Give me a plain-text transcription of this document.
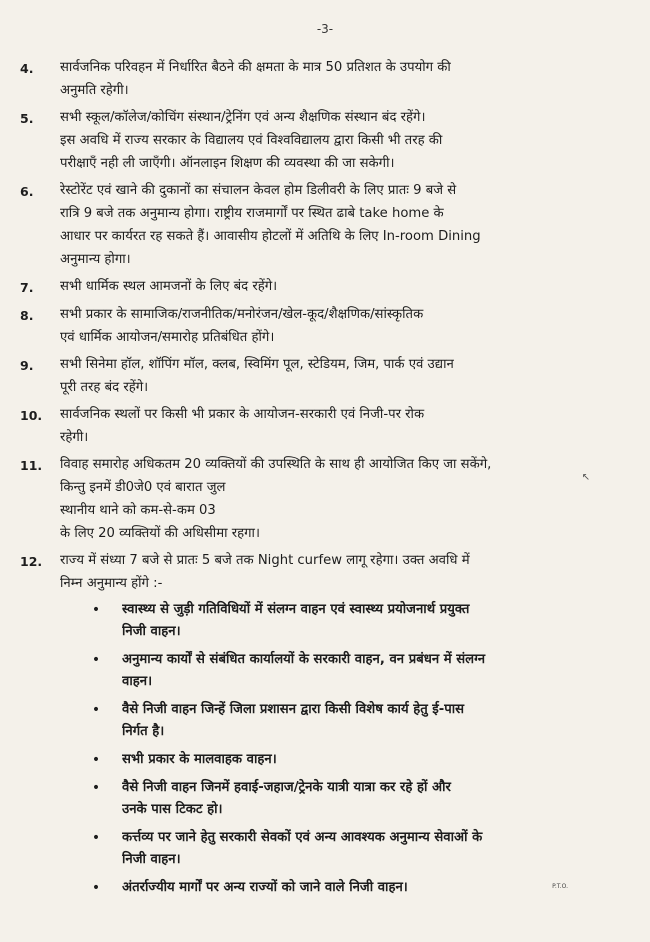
-3-
↖
4.	सार्वजनिक परिवहन में निर्धारित बैठने की क्षमता के मात्र 50 प्रतिशत के उपयोग की
अनुमति रहेगी।
5.	सभी स्कूल/कॉलेज/कोचिंग संस्थान/ट्रेनिंग एवं अन्य शैक्षणिक संस्थान बंद रहेंगे।
इस अवधि में राज्य सरकार के विद्यालय एवं विश्वविद्यालय द्वारा किसी भी तरह की
परीक्षाएँ नही ली जाएँगी। ऑनलाइन शिक्षण की व्यवस्था की जा सकेगी।
6.	रेस्टोरेंट एवं खाने की दुकानों का संचालन केवल होम डिलीवरी के लिए प्रातः 9 बजे से
रात्रि 9 बजे तक अनुमान्य होगा। राष्ट्रीय राजमार्गों पर स्थित ढाबे take home के
आधार पर कार्यरत रह सकते हैं। आवासीय होटलों में अतिथि के लिए In-room Dining
अनुमान्य होगा।
7.	सभी धार्मिक स्थल आमजनों के लिए बंद रहेंगे।
8.	सभी प्रकार के सामाजिक/राजनीतिक/मनोरंजन/खेल-कूद/शैक्षणिक/सांस्कृतिक
एवं धार्मिक आयोजन/समारोह प्रतिबंधित होंगे।
9.	सभी सिनेमा हॉल, शॉपिंग मॉल, क्लब, स्विमिंग पूल, स्टेडियम, जिम, पार्क एवं उद्यान
पूरी तरह बंद रहेंगे।
10.	सार्वजनिक स्थलों पर किसी भी प्रकार के आयोजन-सरकारी एवं निजी-पर रोक
रहेगी।
11.	विवाह समारोह अधिकतम 20 व्यक्तियों की उपस्थिति के साथ ही आयोजित किए जा सकेंगे,
किन्तु इनमें डी0जे0 एवं बारात जुल
स्थानीय थाने को कम-से-कम 03
के लिए 20 व्यक्तियों की अधिसीमा रहगा।
12.	राज्य में संध्या 7 बजे से प्रातः 5 बजे तक Night curfew लागू रहेगा। उक्त अवधि में
निम्न अनुमान्य होंगे :-
•	स्वास्थ्य से जुड़ी गतिविधियों में संलग्न वाहन एवं स्वास्थ्य प्रयोजनार्थ प्रयुक्त
निजी वाहन।
•	अनुमान्य कार्यों से संबंधित कार्यालयों के सरकारी वाहन, वन प्रबंधन में संलग्न
वाहन।
•	वैसे निजी वाहन जिन्हें जिला प्रशासन द्वारा किसी विशेष कार्य हेतु ई-पास
निर्गत है।
•	सभी प्रकार के मालवाहक वाहन।
•	वैसे निजी वाहन जिनमें हवाई-जहाज/ट्रेनके यात्री यात्रा कर रहे हों और
उनके पास टिकट हो।
•	कर्त्तव्य पर जाने हेतु सरकारी सेवकों एवं अन्य आवश्यक अनुमान्य सेवाओं के
निजी वाहन।
•	अंतर्राज्यीय मार्गों पर अन्य राज्यों को जाने वाले निजी वाहन।	P.T.O.
